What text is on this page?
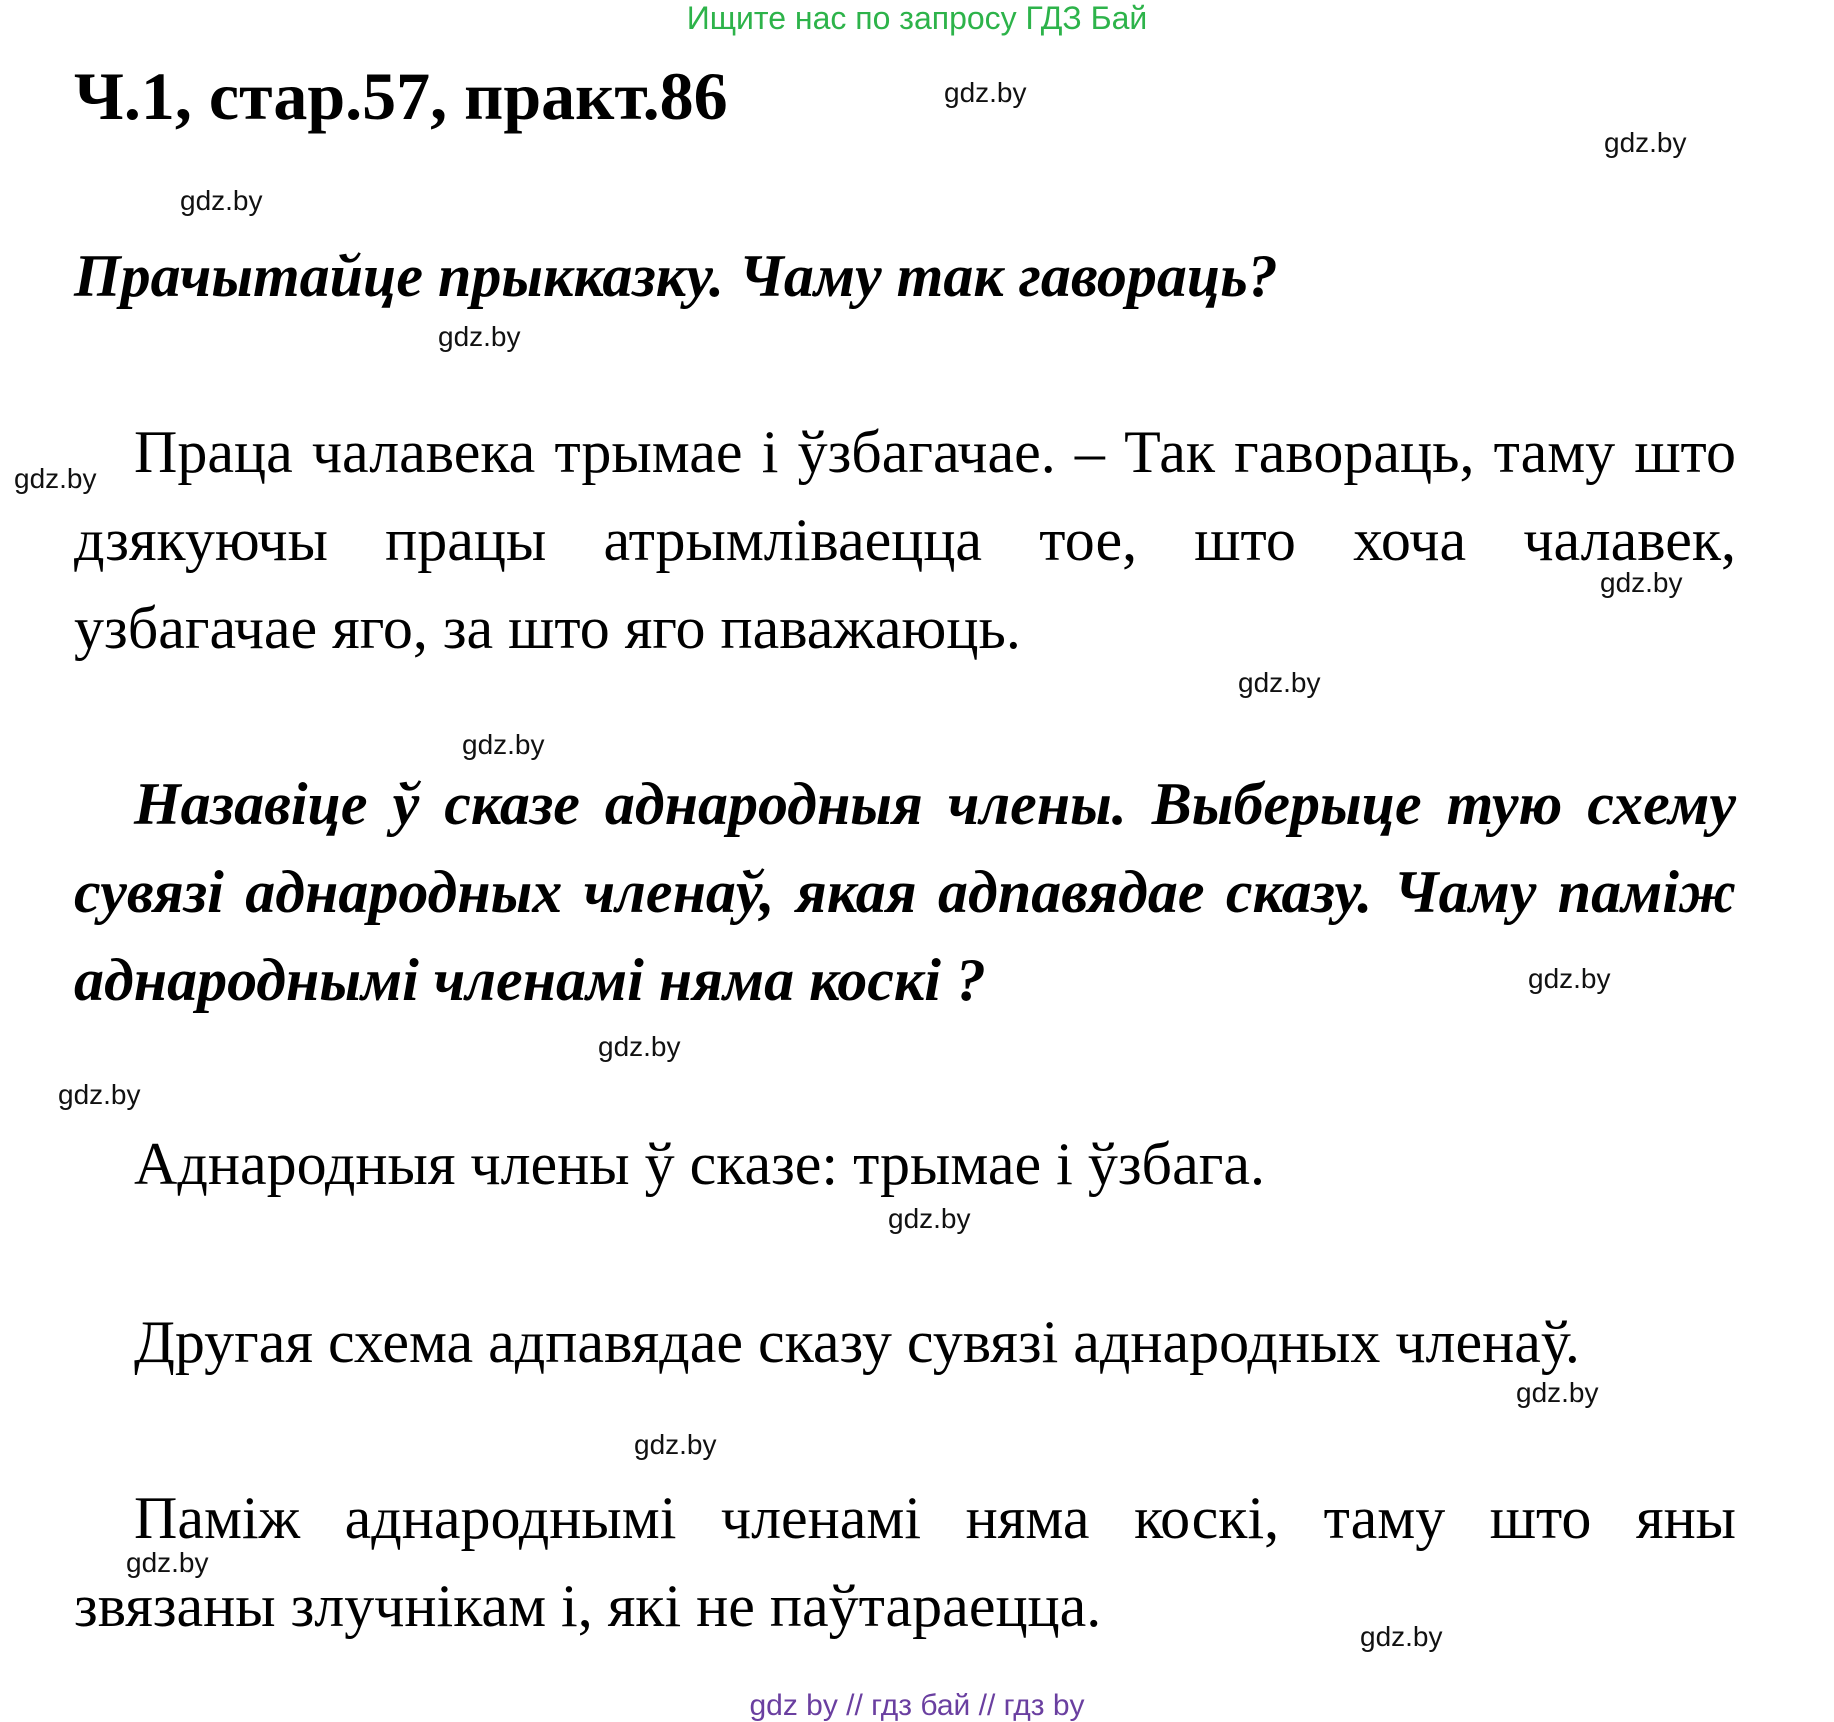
Ищите нас по запросу ГДЗ Бай
Ч.1, стар.57, практ.86
Прачытайце прыкказку. Чаму так гавораць?
Праца чалавека трымае і ўзбагачае. – Так гавораць, таму што дзякуючы працы атрымліваецца тое, што хоча чалавек, узбагачае яго, за што яго паважаюць.
Назавіце ў сказе аднародныя члены. Выберыце тую схему сувязі аднародных членаў, якая адпавядае сказу. Чаму паміж аднароднымі членамі няма коскі ?
Аднародныя члены ў сказе: трымае і ўзбага.
Другая схема адпавядае сказу сувязі аднародных членаў.
Паміж аднароднымі членамі няма коскі, таму што яны звязаны злучнікам і, які не паўтараецца.
gdz.by
gdz.by
gdz.by
gdz.by
gdz.by
gdz.by
gdz.by
gdz.by
gdz.by
gdz.by
gdz.by
gdz.by
gdz.by
gdz.by
gdz.by
gdz.by
gdz by // гдз бай // гдз by
